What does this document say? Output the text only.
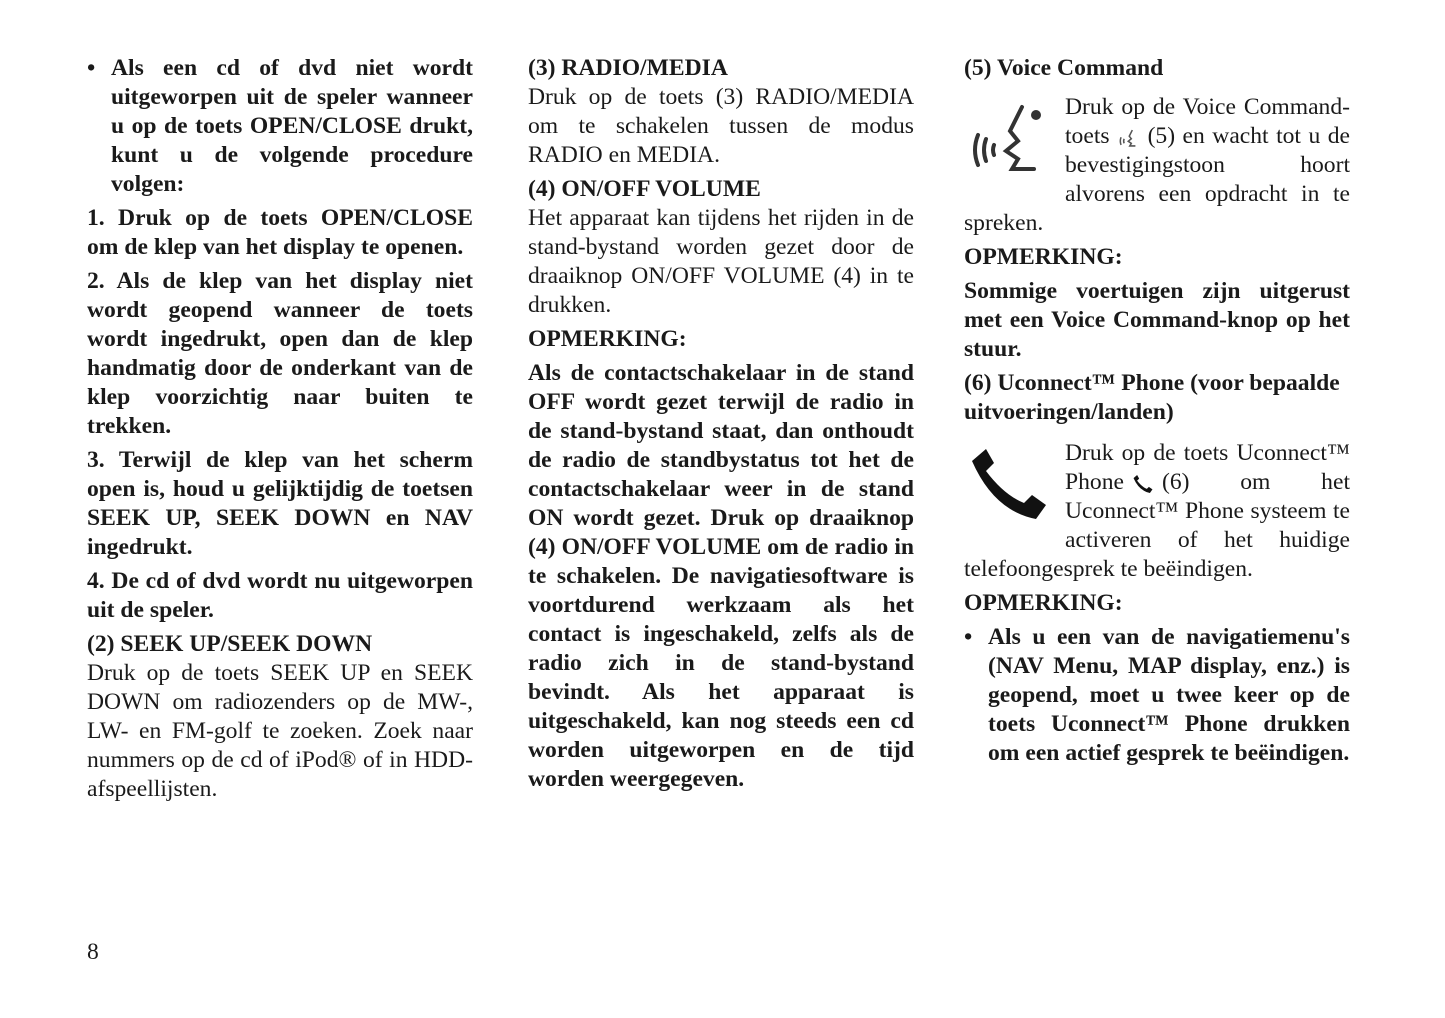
• Als een cd of dvd niet wordt uitgeworpen uit de speler wanneer u op de toets OPEN/CLOSE drukt, kunt u de volgende procedure volgen:

1. Druk op de toets OPEN/CLOSE om de klep van het display te openen.

2. Als de klep van het display niet wordt geopend wanneer de toets wordt ingedrukt, open dan de klep handmatig door de onderkant van de klep voorzichtig naar buiten te trekken.

3. Terwijl de klep van het scherm open is, houd u gelijktijdig de toetsen SEEK UP, SEEK DOWN en NAV ingedrukt.

4. De cd of dvd wordt nu uitgeworpen uit de speler.

(2) SEEK UP/SEEK DOWN

Druk op de toets SEEK UP en SEEK DOWN om radiozenders op de MW-, LW- en FM-golf te zoeken. Zoek naar nummers op de cd of iPod® of in HDD-afspeellijsten.

(3) RADIO/MEDIA

Druk op de toets (3) RADIO/MEDIA om te schakelen tussen de modus RADIO en MEDIA.

(4) ON/OFF VOLUME

Het apparaat kan tijdens het rijden in de stand-bystand worden gezet door de draaiknop ON/OFF VOLUME (4) in te drukken.

OPMERKING:

Als de contactschakelaar in de stand OFF wordt gezet terwijl de radio in de stand-bystand staat, dan onthoudt de radio de standbystatus tot het de contactschakelaar weer in de stand ON wordt gezet. Druk op draaiknop (4) ON/OFF VOLUME om de radio in te schakelen. De navigatiesoftware is voortdurend werkzaam als het contact is ingeschakeld, zelfs als de radio zich in de stand-bystand bevindt. Als het apparaat is uitgeschakeld, kan nog steeds een cd worden uitgeworpen en de tijd worden weergegeven.

(5) Voice Command

Druk op de Voice Command-toets (5) en wacht tot u de bevestigingstoon hoort alvorens een opdracht in te spreken.

OPMERKING:

Sommige voertuigen zijn uitgerust met een Voice Command-knop op het stuur.

(6) Uconnect™ Phone (voor bepaalde uitvoeringen/landen)

Druk op de toets Uconnect™ Phone (6) om het Uconnect™ Phone systeem te activeren of het huidige telefoongesprek te beëindigen.

OPMERKING:

• Als u een van de navigatiemenu's (NAV Menu, MAP display, enz.) is geopend, moet u twee keer op de toets Uconnect™ Phone drukken om een actief gesprek te beëindigen.

8
